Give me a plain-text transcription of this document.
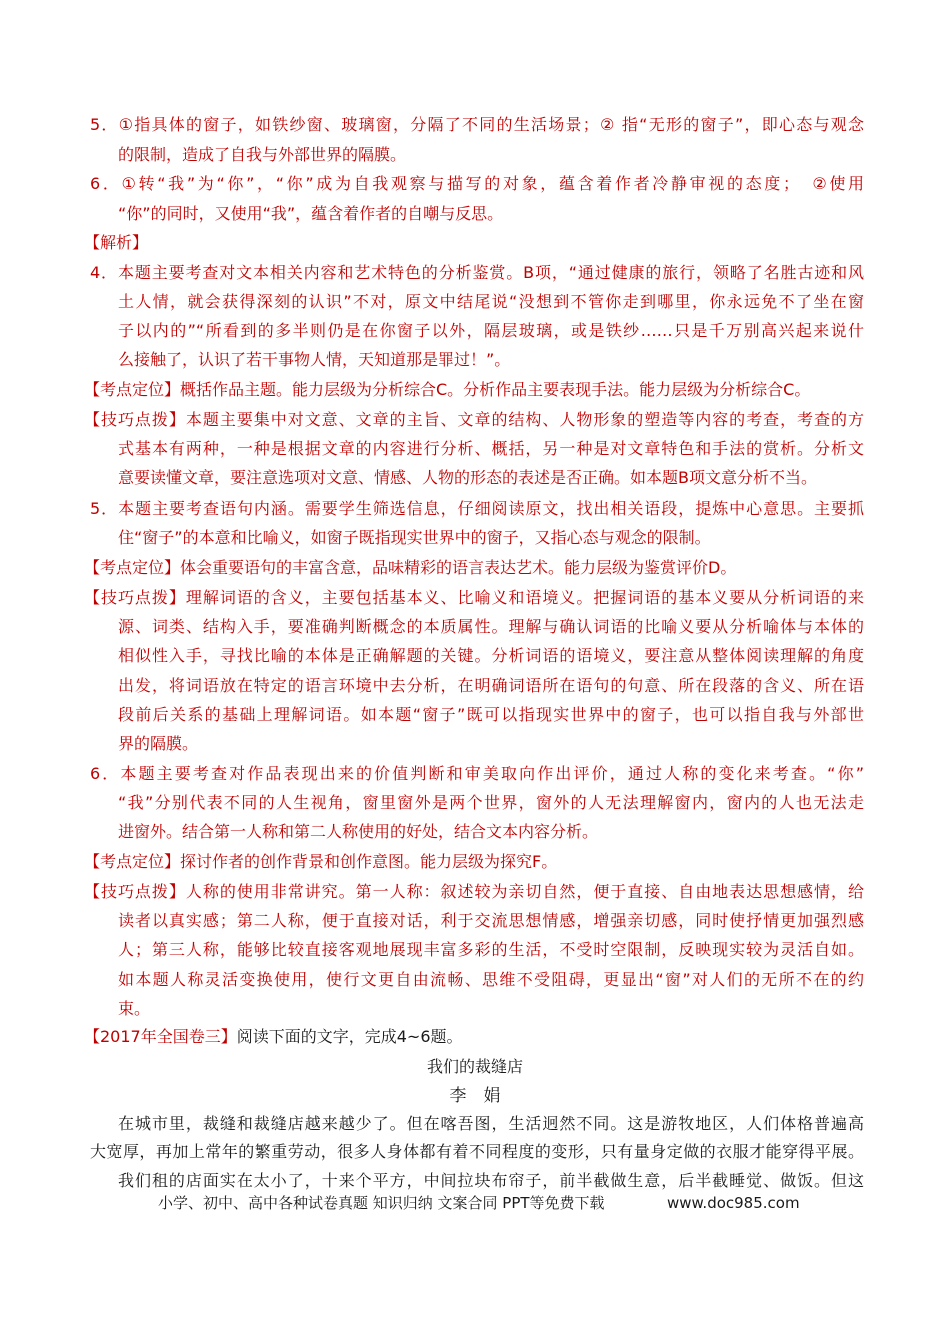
5．①指具体的窗子，如铁纱窗、玻璃窗，分隔了不同的生活场景；② 指“无形的窗子”，即心态与观念
的限制，造成了自我与外部世界的隔膜。
6．①转“我”为“你”，“你”成为自我观察与描写的对象，蕴含着作者冷静审视的态度；　②使用
“你”的同时，又使用“我”，蕴含着作者的自嘲与反思。
【解析】
4．本题主要考查对文本相关内容和艺术特色的分析鉴赏。B项，“通过健康的旅行，领略了名胜古迹和风
土人情，就会获得深刻的认识”不对，原文中结尾说“没想到不管你走到哪里，你永远免不了坐在窗
子以内的”“所看到的多半则仍是在你窗子以外，隔层玻璃，或是铁纱……只是千万别高兴起来说什
么接触了，认识了若干事物人情，天知道那是罪过！”。
【考点定位】概括作品主题。能力层级为分析综合C。分析作品主要表现手法。能力层级为分析综合C。
【技巧点拨】本题主要集中对文意、文章的主旨、文章的结构、人物形象的塑造等内容的考查，考查的方
式基本有两种，一种是根据文章的内容进行分析、概括，另一种是对文章特色和手法的赏析。分析文
意要读懂文章，要注意选项对文意、情感、人物的形态的表述是否正确。如本题B项文意分析不当。
5．本题主要考查语句内涵。需要学生筛选信息，仔细阅读原文，找出相关语段，提炼中心意思。主要抓
住“窗子”的本意和比喻义，如窗子既指现实世界中的窗子，又指心态与观念的限制。
【考点定位】体会重要语句的丰富含意，品味精彩的语言表达艺术。能力层级为鉴赏评价D。
【技巧点拨】理解词语的含义，主要包括基本义、比喻义和语境义。把握词语的基本义要从分析词语的来
源、词类、结构入手，要准确判断概念的本质属性。理解与确认词语的比喻义要从分析喻体与本体的
相似性入手，寻找比喻的本体是正确解题的关键。分析词语的语境义，要注意从整体阅读理解的角度
出发，将词语放在特定的语言环境中去分析，在明确词语所在语句的句意、所在段落的含义、所在语
段前后关系的基础上理解词语。如本题“窗子”既可以指现实世界中的窗子，也可以指自我与外部世
界的隔膜。
6．本题主要考查对作品表现出来的价值判断和审美取向作出评价，通过人称的变化来考查。“你”
“我”分别代表不同的人生视角，窗里窗外是两个世界，窗外的人无法理解窗内，窗内的人也无法走
进窗外。结合第一人称和第二人称使用的好处，结合文本内容分析。
【考点定位】探讨作者的创作背景和创作意图。能力层级为探究F。
【技巧点拨】人称的使用非常讲究。第一人称：叙述较为亲切自然，便于直接、自由地表达思想感情，给
读者以真实感；第二人称，便于直接对话，利于交流思想情感，增强亲切感，同时使抒情更加强烈感
人；第三人称，能够比较直接客观地展现丰富多彩的生活，不受时空限制，反映现实较为灵活自如。
如本题人称灵活变换使用，使行文更自由流畅、思维不受阻碍，更显出“窗”对人们的无所不在的约
束。
【2017年全国卷三】阅读下面的文字，完成4~6题。
我们的裁缝店
李　娟
在城市里，裁缝和裁缝店越来越少了。但在喀吾图，生活迥然不同。这是游牧地区，人们体格普遍高
大宽厚，再加上常年的繁重劳动，很多人身体都有着不同程度的变形，只有量身定做的衣服才能穿得平展。
我们租的店面实在太小了，十来个平方，中间拉块布帘子，前半截做生意，后半截睡觉、做饭。但这
小学、初中、高中各种试卷真题 知识归纳 文案合同 PPT等免费下载	www.doc985.com
